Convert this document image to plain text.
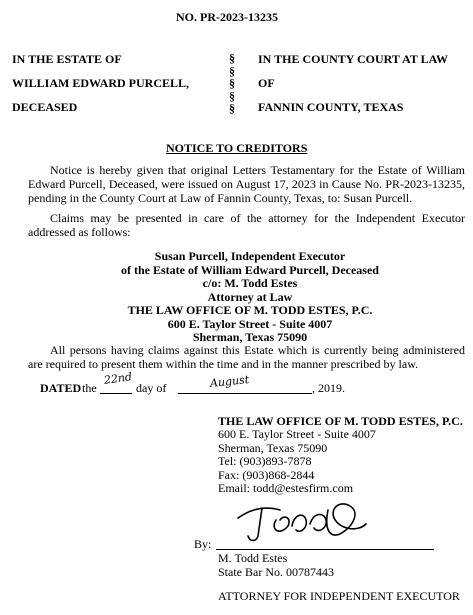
NO. PR-2023-13235
IN THE ESTATE OF
WILLIAM EDWARD PURCELL,
DECEASED
§
§
§
§
§
IN THE COUNTY COURT AT LAW
OF
FANNIN COUNTY, TEXAS
NOTICE TO CREDITORS
Notice is hereby given that original Letters Testamentary for the Estate of William Edward Purcell, Deceased, were issued on August 17, 2023 in Cause No. PR-2023-13235, pending in the County Court at Law of Fannin County, Texas, to: Susan Purcell.
Claims may be presented in care of the attorney for the Independent Executor addressed as follows:
Susan Purcell, Independent Executor
of the Estate of William Edward Purcell, Deceased
c/o: M. Todd Estes
Attorney at Law
THE LAW OFFICE OF M. TODD ESTES, P.C.
600 E. Taylor Street - Suite 4007
Sherman, Texas 75090
All persons having claims against this Estate which is currently being administered are required to present them within the time and in the manner prescribed by law.
DATED the
22nd
day of	August	, 2019.
THE LAW OFFICE OF M. TODD ESTES, P.C.
600 E. Taylor Street - Suite 4007
Sherman, Texas 75090
Tel: (903)893-7878
Fax: (903)868-2844
Email: todd@estesfirm.com
By:
M. Todd Estes
State Bar No. 00787443
ATTORNEY FOR INDEPENDENT EXECUTOR
